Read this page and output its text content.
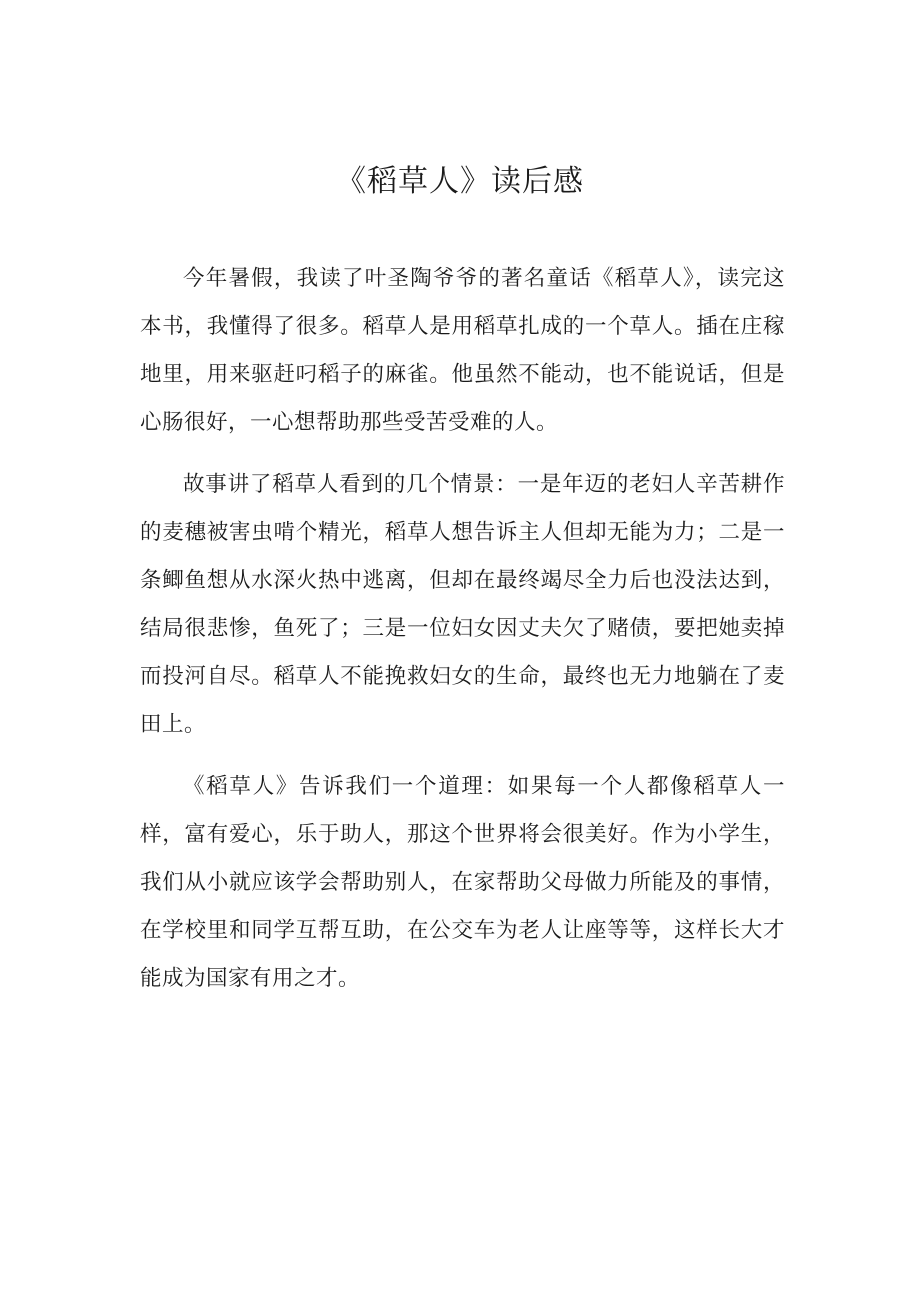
《稻草人》读后感

今年暑假，我读了叶圣陶爷爷的著名童话《稻草人》，读完这本书，我懂得了很多。稻草人是用稻草扎成的一个草人。插在庄稼地里，用来驱赶叼稻子的麻雀。他虽然不能动，也不能说话，但是心肠很好，一心想帮助那些受苦受难的人。

故事讲了稻草人看到的几个情景：一是年迈的老妇人辛苦耕作的麦穗被害虫啃个精光，稻草人想告诉主人但却无能为力；二是一条鲫鱼想从水深火热中逃离，但却在最终竭尽全力后也没法达到，结局很悲惨，鱼死了；三是一位妇女因丈夫欠了赌债，要把她卖掉而投河自尽。稻草人不能挽救妇女的生命，最终也无力地躺在了麦田上。

《稻草人》告诉我们一个道理：如果每一个人都像稻草人一样，富有爱心，乐于助人，那这个世界将会很美好。作为小学生，我们从小就应该学会帮助别人，在家帮助父母做力所能及的事情，在学校里和同学互帮互助，在公交车为老人让座等等，这样长大才能成为国家有用之才。
